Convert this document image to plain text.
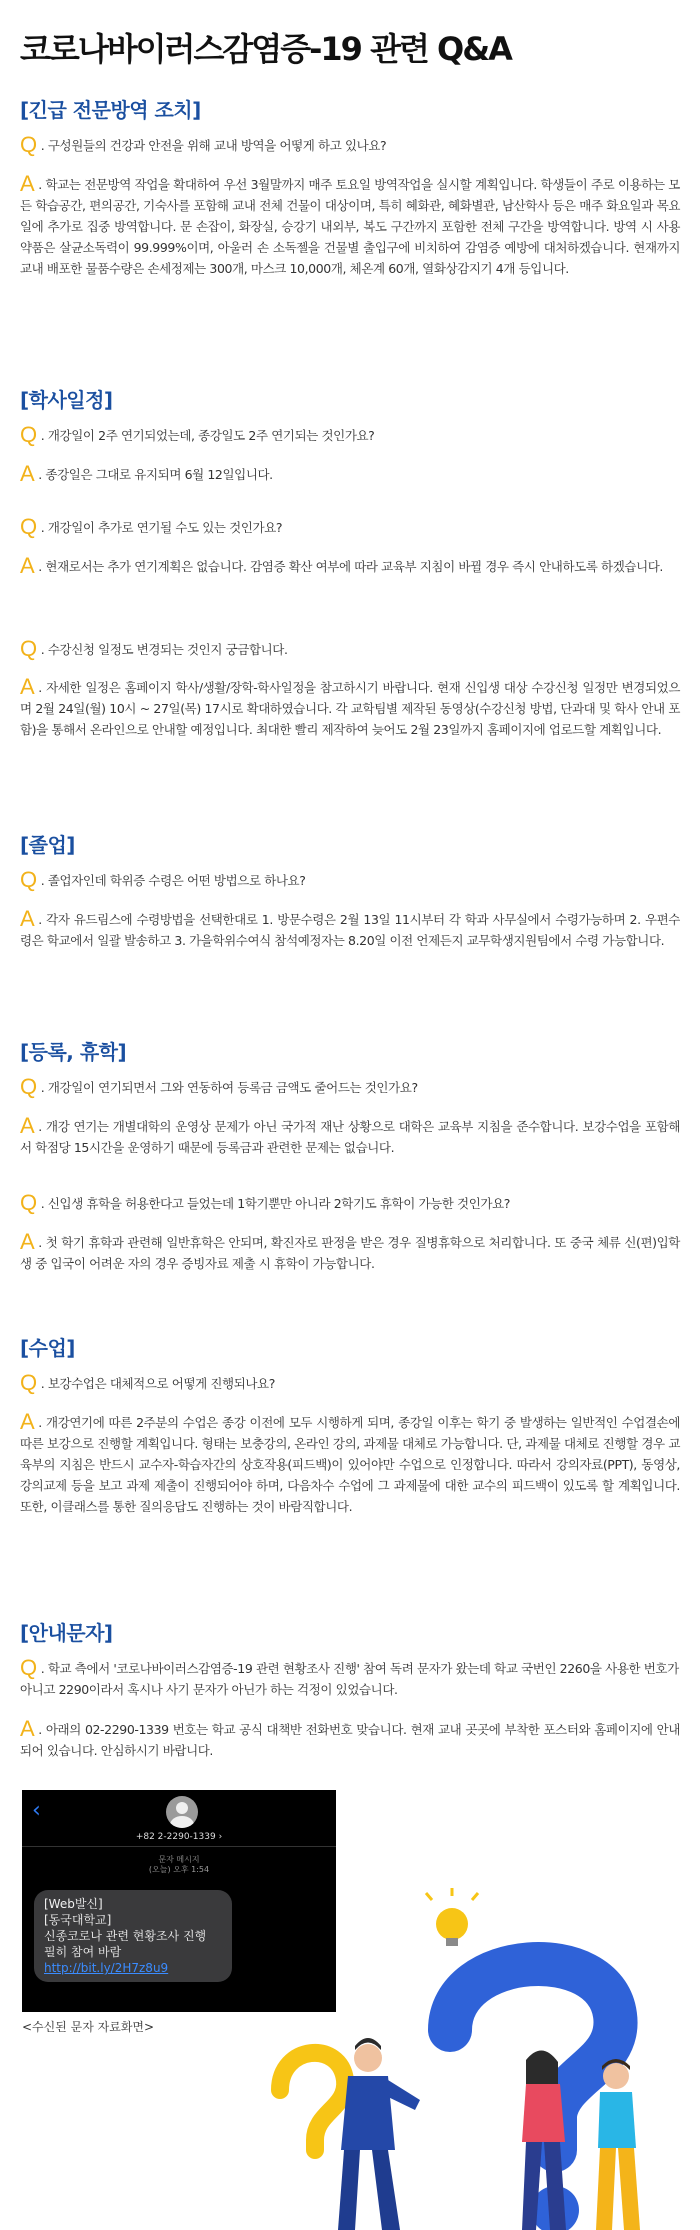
코로나바이러스감염증-19 관련 Q&A
[긴급 전문방역 조치]
Q . 구성원들의 건강과 안전을 위해 교내 방역을 어떻게 하고 있나요?
A . 학교는 전문방역 작업을 확대하여 우선 3월말까지 매주 토요일 방역작업을 실시할 계획입니다. 학생들이 주로 이용하는 모든 학습공간, 편의공간, 기숙사를 포함해 교내 전체 건물이 대상이며, 특히 혜화관, 혜화별관, 남산학사 등은 매주 화요일과 목요일에 추가로 집중 방역합니다. 문 손잡이, 화장실, 승강기 내외부, 복도 구간까지 포함한 전체 구간을 방역합니다. 방역 시 사용약품은 살균소독력이 99.999%이며, 아울러 손 소독젤을 건물별 출입구에 비치하여 감염증 예방에 대처하겠습니다. 현재까지 교내 배포한 물품수량은 손세정제는 300개, 마스크 10,000개, 체온계 60개, 열화상감지기 4개 등입니다.
[학사일정]
Q . 개강일이 2주 연기되었는데, 종강일도 2주 연기되는 것인가요?
A . 종강일은 그대로 유지되며 6월 12일입니다.
Q . 개강일이 추가로 연기될 수도 있는 것인가요?
A . 현재로서는 추가 연기계획은 없습니다. 감염증 확산 여부에 따라 교육부 지침이 바뀔 경우 즉시 안내하도록 하겠습니다.
Q . 수강신청 일정도 변경되는 것인지 궁금합니다.
A . 자세한 일정은 홈페이지 학사/생활/장학-학사일정을 참고하시기 바랍니다. 현재 신입생 대상 수강신청 일정만 변경되었으며 2월 24일(월) 10시 ~ 27일(목) 17시로 확대하였습니다. 각 교학팀별 제작된 동영상(수강신청 방법, 단과대 및 학사 안내 포함)을 통해서 온라인으로 안내할 예정입니다. 최대한 빨리 제작하여 늦어도 2월 23일까지 홈페이지에 업로드할 계획입니다.
[졸업]
Q . 졸업자인데 학위증 수령은 어떤 방법으로 하나요?
A . 각자 유드림스에 수령방법을 선택한대로 1. 방문수령은 2월 13일 11시부터 각 학과 사무실에서 수령가능하며 2. 우편수령은 학교에서 일괄 발송하고 3. 가을학위수여식 참석예정자는 8.20일 이전 언제든지 교무학생지원팀에서 수령 가능합니다.
[등록, 휴학]
Q . 개강일이 연기되면서 그와 연동하여 등록금 금액도 줄어드는 것인가요?
A . 개강 연기는 개별대학의 운영상 문제가 아닌 국가적 재난 상황으로 대학은 교육부 지침을 준수합니다. 보강수업을 포함해서 학점당 15시간을 운영하기 때문에 등록금과 관련한 문제는 없습니다.
Q . 신입생 휴학을 허용한다고 들었는데 1학기뿐만 아니라 2학기도 휴학이 가능한 것인가요?
A . 첫 학기 휴학과 관련해 일반휴학은 안되며, 확진자로 판정을 받은 경우 질병휴학으로 처리합니다. 또 중국 체류 신(편)입학생 중 입국이 어려운 자의 경우 증빙자료 제출 시 휴학이 가능합니다.
[수업]
Q . 보강수업은 대체적으로 어떻게 진행되나요?
A . 개강연기에 따른 2주분의 수업은 종강 이전에 모두 시행하게 되며, 종강일 이후는 학기 중 발생하는 일반적인 수업결손에 따른 보강으로 진행할 계획입니다. 형태는 보충강의, 온라인 강의, 과제물 대체로 가능합니다. 단, 과제물 대체로 진행할 경우 교육부의 지침은 반드시 교수자-학습자간의 상호작용(피드백)이 있어야만 수업으로 인정합니다. 따라서 강의자료(PPT), 동영상, 강의교제 등을 보고 과제 제출이 진행되어야 하며, 다음차수 수업에 그 과제물에 대한 교수의 피드백이 있도록 할 계획입니다. 또한, 이클래스를 통한 질의응답도 진행하는 것이 바람직합니다.
[안내문자]
Q . 학교 측에서 '코로나바이러스감염증-19 관련 현황조사 진행' 참여 독려 문자가 왔는데 학교 국번인 2260을 사용한 번호가 아니고 2290이라서 혹시나 사기 문자가 아닌가 하는 걱정이 있었습니다.
A . 아래의 02-2290-1339 번호는 학교 공식 대책반 전화번호 맞습니다. 현재 교내 곳곳에 부착한 포스터와 홈페이지에 안내되어 있습니다. 안심하시기 바랍니다.
‹
+82 2-2290-1339 ›
문자 메시지
(오늘) 오후 1:54
[Web발신]
[동국대학교]
신종코로나 관련 현황조사 진행
필히 참여 바람
http://bit.ly/2H7z8u9
<수신된 문자 자료화면>
